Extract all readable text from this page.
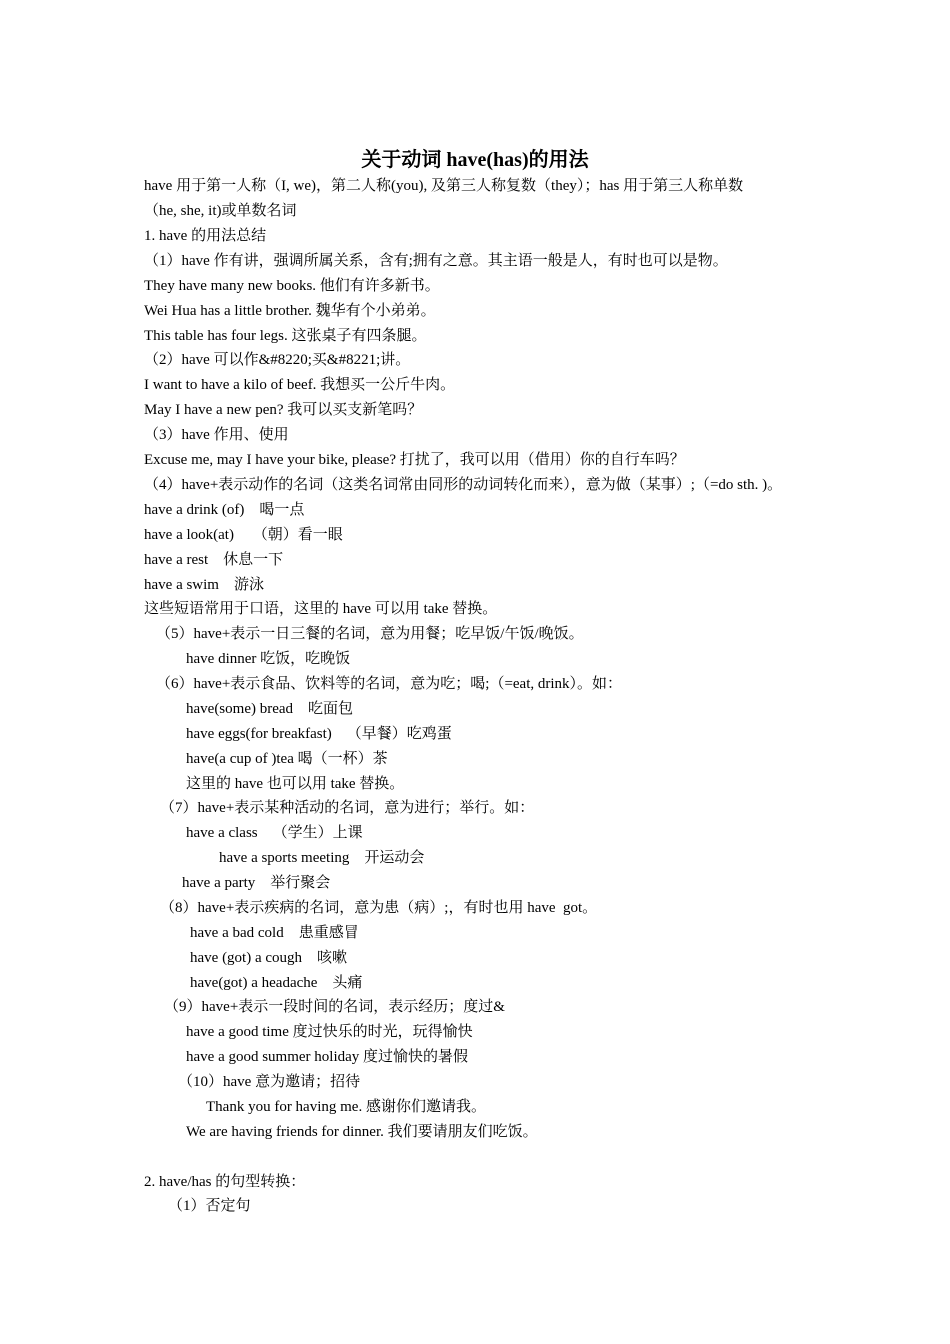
关于动词 have(has)的用法
have 用于第一人称（I, we)，第二人称(you), 及第三人称复数（they）；has 用于第三人称单数
（he, she, it)或单数名词
1. have 的用法总结
（1）have 作有讲，强调所属关系，含有;拥有之意。其主语一般是人，有时也可以是物。
They have many new books. 他们有许多新书。
Wei Hua has a little brother. 魏华有个小弟弟。
This table has four legs. 这张桌子有四条腿。
（2）have 可以作&#8220;买&#8221;讲。
I want to have a kilo of beef. 我想买一公斤牛肉。
May I have a new pen? 我可以买支新笔吗？
（3）have 作用、使用
Excuse me, may I have your bike, please? 打扰了，我可以用（借用）你的自行车吗？
（4）have+表示动作的名词（这类名词常由同形的动词转化而来），意为做（某事）;（=do sth. )。
have a drink (of)    喝一点
have a look(at)     （朝）看一眼
have a rest    休息一下
have a swim    游泳
这些短语常用于口语，这里的 have 可以用 take 替换。
（5）have+表示一日三餐的名词，意为用餐；吃早饭/午饭/晚饭。
have dinner 吃饭，吃晚饭
（6）have+表示食品、饮料等的名词，意为吃；喝;（=eat, drink）。如：
have(some) bread    吃面包
have eggs(for breakfast)    （早餐）吃鸡蛋
have(a cup of )tea 喝（一杯）茶
这里的 have 也可以用 take 替换。
（7）have+表示某种活动的名词，意为进行；举行。如：
have a class    （学生）上课
have a sports meeting    开运动会
have a party    举行聚会
（8）have+表示疾病的名词，意为患（病）;，有时也用 have  got。
have a bad cold    患重感冒
have (got) a cough    咳嗽
have(got) a headache    头痛
（9）have+表示一段时间的名词，表示经历；度过&
have a good time 度过快乐的时光，玩得愉快
have a good summer holiday 度过愉快的暑假
（10）have 意为邀请；招待
Thank you for having me. 感谢你们邀请我。
We are having friends for dinner. 我们要请朋友们吃饭。
2. have/has 的句型转换：
（1）否定句
